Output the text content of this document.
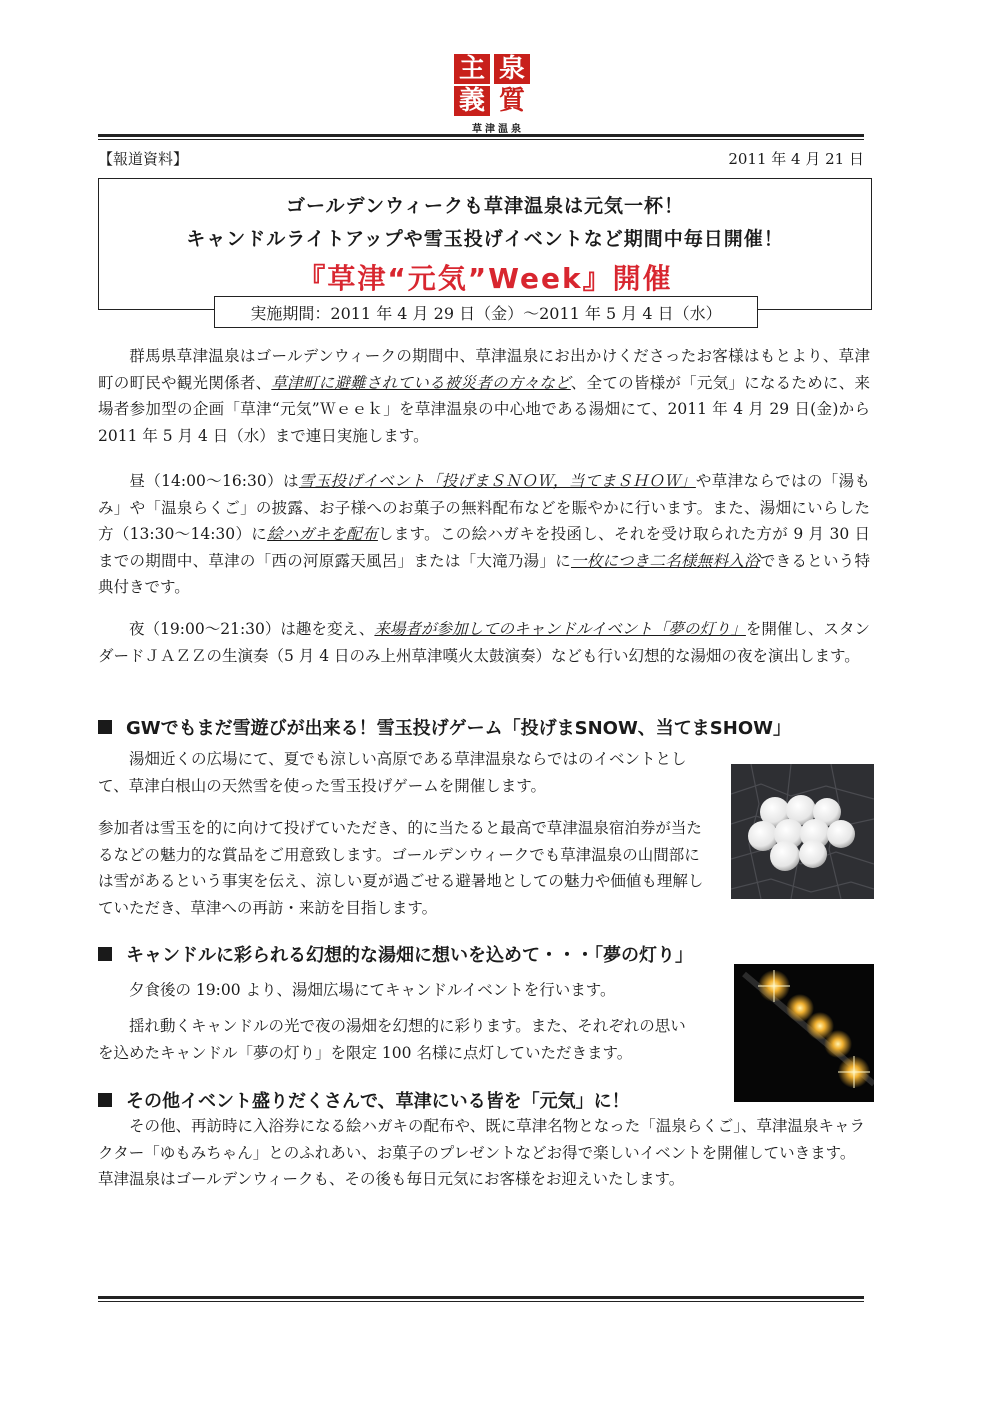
泉
主
質
義
草津温泉
【報道資料】	2011 年 4 月 21 日
ゴールデンウィークも草津温泉は元気一杯！
キャンドルライトアップや雪玉投げイベントなど期間中毎日開催！
『草津“元気”Week』開催
実施期間：2011 年 4 月 29 日（金）～2011 年 5 月 4 日（水）
群馬県草津温泉はゴールデンウィークの期間中、草津温泉にお出かけくださったお客様はもとより、草津町の町民や観光関係者、草津町に避難されている被災者の方々など、全ての皆様が「元気」になるために、来場者参加型の企画「草津“元気”Ｗｅｅｋ」を草津温泉の中心地である湯畑にて、2011 年 4 月 29 日(金)から 2011 年 5 月 4 日（水）まで連日実施します。
昼（14:00～16:30）は雪玉投げイベント「投げまＳＮＯＷ，当てまＳＨＯＷ」や草津ならではの「湯もみ」や「温泉らくご」の披露、お子様へのお菓子の無料配布などを賑やかに行います。また、湯畑にいらした方（13:30～14:30）に絵ハガキを配布します。この絵ハガキを投函し、それを受け取られた方が 9 月 30 日までの期間中、草津の「西の河原露天風呂」または「大滝乃湯」に一枚につき二名様無料入浴できるという特典付きです。
夜（19:00～21:30）は趣を変え、来場者が参加してのキャンドルイベント「夢の灯り」を開催し、スタンダードＪＡＺＺの生演奏（5 月 4 日のみ上州草津嘆火太鼓演奏）なども行い幻想的な湯畑の夜を演出します。
GWでもまだ雪遊びが出来る！雪玉投げゲーム「投げまSNOW、当てまSHOW」
湯畑近くの広場にて、夏でも涼しい高原である草津温泉ならではのイベントとして、草津白根山の天然雪を使った雪玉投げゲームを開催します。
参加者は雪玉を的に向けて投げていただき、的に当たると最高で草津温泉宿泊券が当たるなどの魅力的な賞品をご用意致します。ゴールデンウィークでも草津温泉の山間部には雪があるという事実を伝え、涼しい夏が過ごせる避暑地としての魅力や価値も理解していただき、草津への再訪・来訪を目指します。
キャンドルに彩られる幻想的な湯畑に想いを込めて・・・「夢の灯り」
夕食後の 19:00 より、湯畑広場にてキャンドルイベントを行います。
揺れ動くキャンドルの光で夜の湯畑を幻想的に彩ります。また、それぞれの思いを込めたキャンドル「夢の灯り」を限定 100 名様に点灯していただきます。
その他イベント盛りだくさんで、草津にいる皆を「元気」に！
その他、再訪時に入浴券になる絵ハガキの配布や、既に草津名物となった「温泉らくご」、草津温泉キャラクター「ゆもみちゃん」とのふれあい、お菓子のプレゼントなどお得で楽しいイベントを開催していきます。草津温泉はゴールデンウィークも、その後も毎日元気にお客様をお迎えいたします。
